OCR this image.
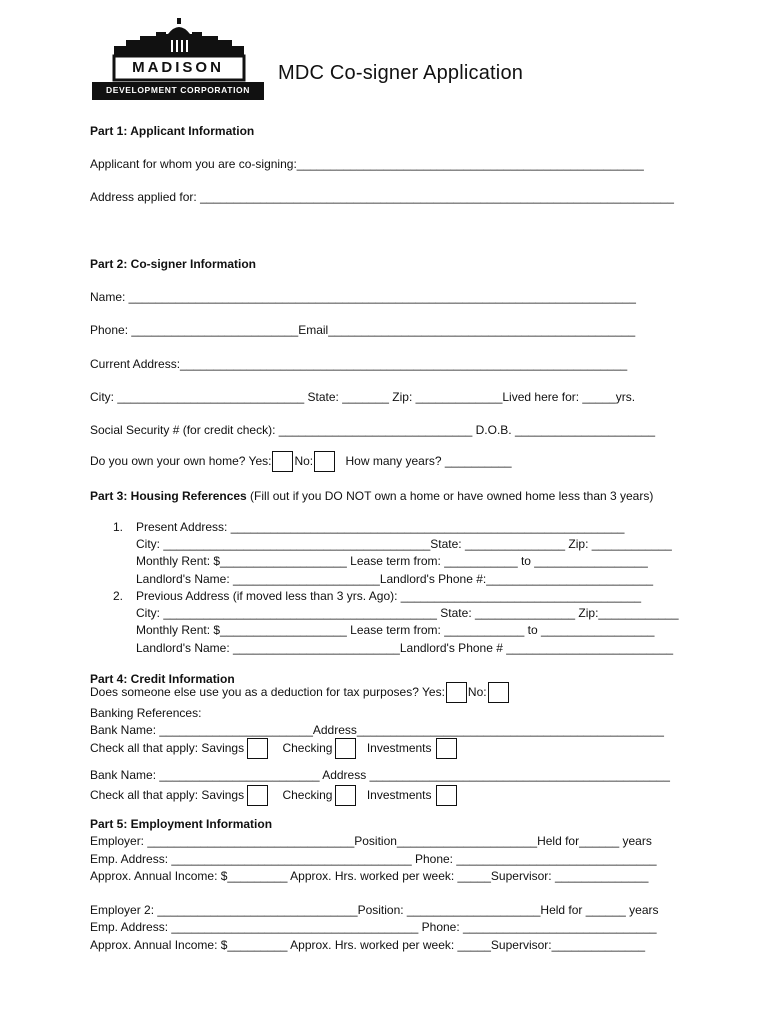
MADISON
DEVELOPMENT CORPORATION
MDC Co-signer Application
Part 1: Applicant Information
Applicant for whom you are co-signing:____________________________________________________
Address applied for: _______________________________________________________________________
Part 2: Co-signer Information
Name: ____________________________________________________________________________
Phone: _________________________Email______________________________________________
Current Address:___________________________________________________________________
City: ____________________________ State: _______ Zip: _____________Lived here for: _____yrs.
Social Security # (for credit check): _____________________________ D.O.B. _____________________
Do you own your own home? Yes: No:	How many years? __________
Part 3: Housing References (Fill out if you DO NOT own a home or have owned home less than 3 years)
1. Present Address: ___________________________________________________________
City: ________________________________________State: _______________ Zip: ____________
Monthly Rent: $___________________ Lease term from: ___________ to _________________
Landlord's Name: ______________________Landlord's Phone #:_________________________
2. Previous Address (if moved less than 3 yrs. Ago): ____________________________________
City: _________________________________________ State: _______________ Zip:____________
Monthly Rent: $___________________ Lease term from: ____________ to _________________
Landlord's Name: _________________________Landlord's Phone # _________________________
Part 4: Credit Information
Does someone else use you as a deduction for tax purposes? Yes: No:
Banking References:
Bank Name: _______________________Address______________________________________________
Check all that apply: Savings	Checking	Investments
Bank Name: ________________________ Address _____________________________________________
Check all that apply: Savings	Checking	Investments
Part 5: Employment Information
Employer: _______________________________Position_____________________Held for______ years
Emp. Address: ____________________________________ Phone: ______________________________
Approx. Annual Income: $_________ Approx. Hrs. worked per week: _____Supervisor: ______________
Employer 2: ______________________________Position: ____________________Held for ______ years
Emp. Address: _____________________________________ Phone: _____________________________
Approx. Annual Income: $_________ Approx. Hrs. worked per week: _____Supervisor:______________
